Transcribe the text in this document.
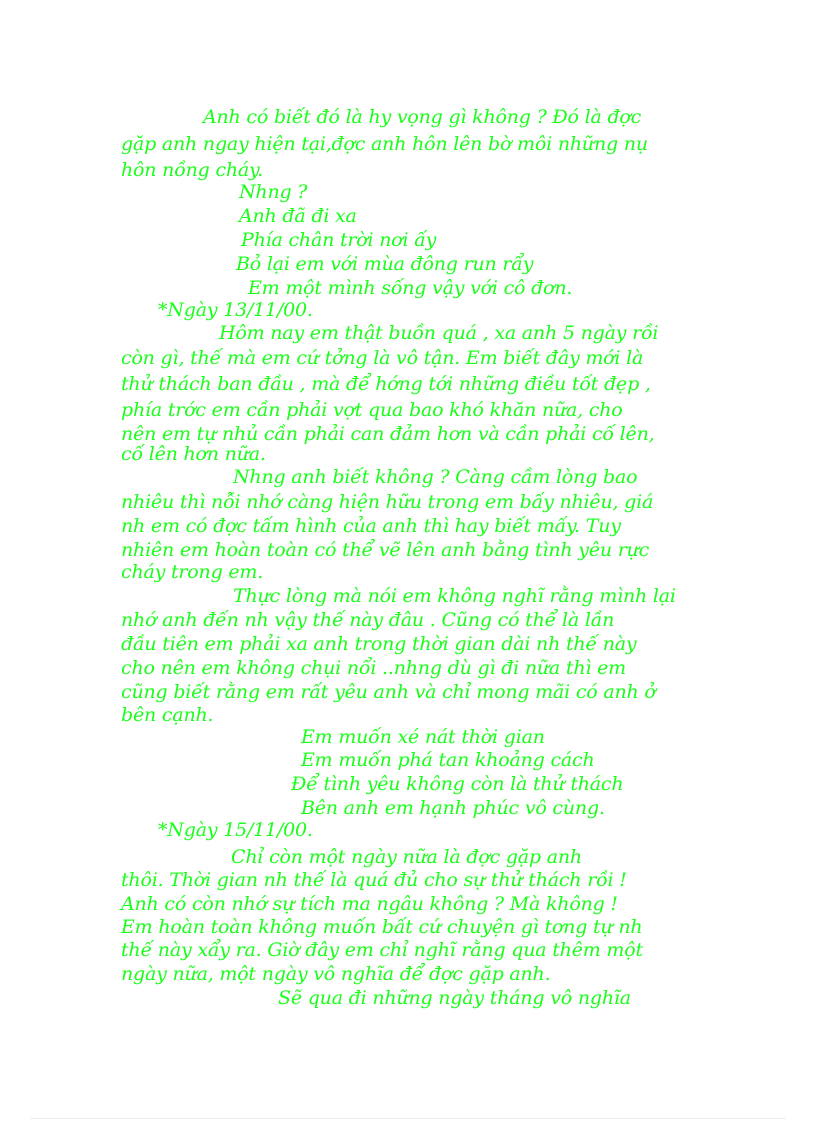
Anh có biết đó là hy vọng gì không ? Đó là đợc
gặp anh ngay hiện tại,đợc anh hôn lên bờ môi những nụ
hôn nồng cháy.
Nhng ?
Anh đã đi xa
Phía chân trời nơi ấy
Bỏ lại em với mùa đông run rẩy
Em một mình sống vậy với cô đơn.
*Ngày 13/11/00.
Hôm nay em thật buồn quá , xa anh 5 ngày rồi
còn gì, thế mà em cứ tởng là vô tận. Em biết đây mới là
thử thách ban đầu , mà để hớng tới những điều tốt đẹp ,
phía trớc em cần phải vợt qua bao khó khăn nữa, cho
nên em tự nhủ cần phải can đảm hơn và cần phải cố lên,
cố lên hơn nữa.
Nhng anh biết không ? Càng cầm lòng bao
nhiêu thì nỗi nhớ càng hiện hữu trong em bấy nhiêu, giá
nh em có đợc tấm hình của anh thì hay biết mấy. Tuy
nhiên em hoàn toàn có thể vẽ lên anh bằng tình yêu rực
cháy trong em.
Thực lòng mà nói em không nghĩ rằng mình lại
nhớ anh đến nh vậy thế này đâu . Cũng có thể là lần
đầu tiên em phải xa anh trong thời gian dài nh thế này
cho nên em không chụi nổi ..nhng dù gì đi nữa thì em
cũng biết rằng em rất yêu anh và chỉ mong mãi có anh ở
bên cạnh.
Em muốn xé nát thời gian
Em muốn phá tan khoảng cách
Để tình yêu không còn là thử thách
Bên anh em hạnh phúc vô cùng.
*Ngày 15/11/00.
Chỉ còn một ngày nữa là đợc gặp anh
thôi. Thời gian nh thế là quá đủ cho sự thử thách rồi !
Anh có còn nhớ sự tích ma ngâu không ? Mà không !
Em hoàn toàn không muốn bất cứ chuyện gì tơng tự nh
thế này xẩy ra. Giờ đây em chỉ nghĩ rằng qua thêm một
ngày nữa, một ngày vô nghĩa để đợc gặp anh.
Sẽ qua đi những ngày tháng vô nghĩa
